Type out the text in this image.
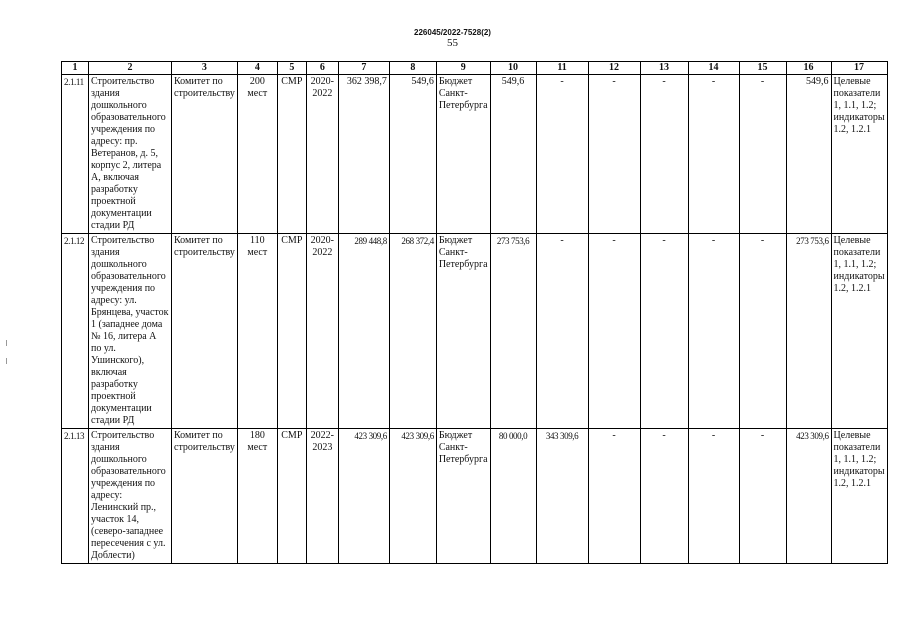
226045/2022-7528(2)
55
1	2	3	4	5	6	7	8	9	10	11	12	13	14	15	16	17
2.1.11	Строительство здания дошкольного образовательного учреждения по адресу: пр. Ветеранов, д. 5, корпус 2, литера А, включая разработку проектной документации стадии РД	Комитет по строительству	200 мест	СМР	2020-2022	362 398,7	549,6	Бюджет Санкт-Петербурга	549,6	-	-	-	-	-	549,6	Целевые показатели 1, 1.1, 1.2; индикаторы 1.2, 1.2.1
2.1.12	Строительство здания дошкольного образовательного учреждения по адресу: ул. Брянцева, участок 1 (западнее дома № 16, литера А по ул. Ушинского), включая разработку проектной документации стадии РД	Комитет по строительству	110 мест	СМР	2020-2022	289 448,8	268 372,4	Бюджет Санкт-Петербурга	273 753,6	-	-	-	-	-	273 753,6	Целевые показатели 1, 1.1, 1.2; индикаторы 1.2, 1.2.1
2.1.13	Строительство здания дошкольного образовательного учреждения по адресу: Ленинский пр., участок 14, (северо-западнее пересечения с ул. Доблести)	Комитет по строительству	180 мест	СМР	2022-2023	423 309,6	423 309,6	Бюджет Санкт-Петербурга	80 000,0	343 309,6	-	-	-	-	423 309,6	Целевые показатели 1, 1.1, 1.2; индикаторы 1.2, 1.2.1
